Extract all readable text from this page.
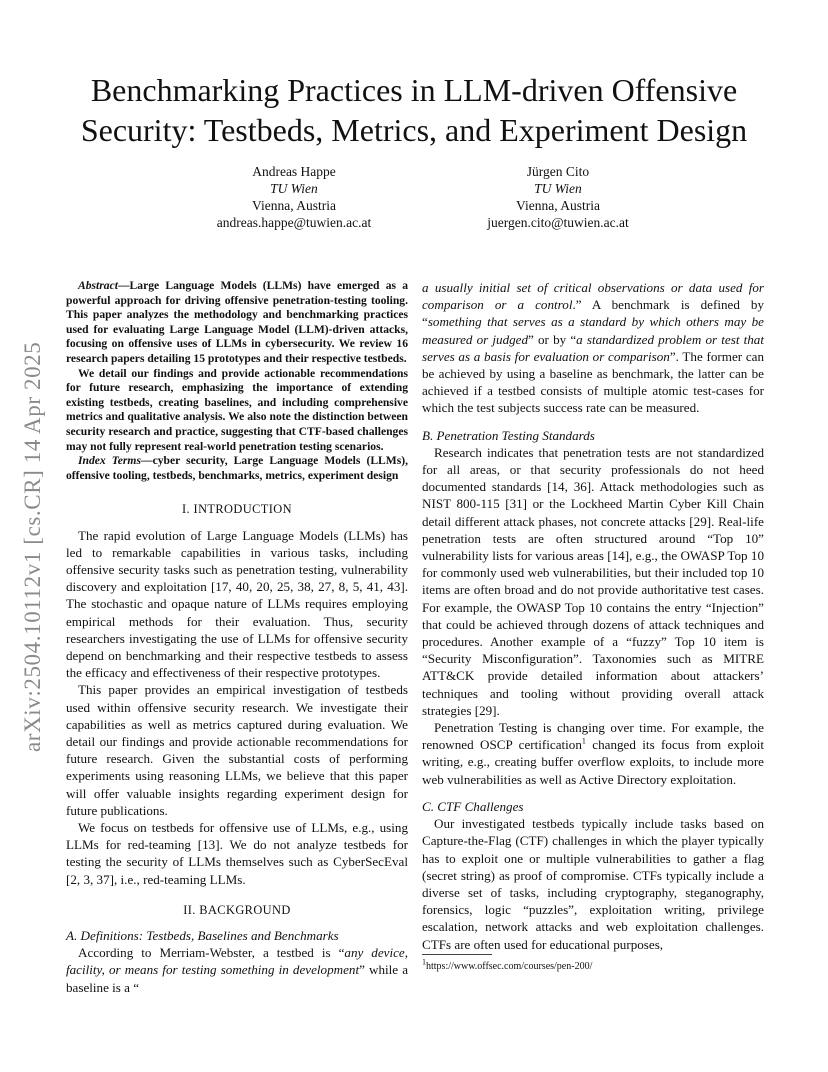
arXiv:2504.10112v1 [cs.CR] 14 Apr 2025
Benchmarking Practices in LLM-driven Offensive
Security: Testbeds, Metrics, and Experiment Design
Andreas Happe
TU Wien
Vienna, Austria
andreas.happe@tuwien.ac.at
Jürgen Cito
TU Wien
Vienna, Austria
juergen.cito@tuwien.ac.at

Abstract—Large Language Models (LLMs) have emerged as a powerful approach for driving offensive penetration-testing tooling. This paper analyzes the methodology and benchmarking practices used for evaluating Large Language Model (LLM)-driven attacks, focusing on offensive uses of LLMs in cybersecurity. We review 16 research papers detailing 15 prototypes and their respective testbeds.

We detail our findings and provide actionable recommendations for future research, emphasizing the importance of extending existing testbeds, creating baselines, and including comprehensive metrics and qualitative analysis. We also note the distinction between security research and practice, suggesting that CTF-based challenges may not fully represent real-world penetration testing scenarios.

Index Terms—cyber security, Large Language Models (LLMs), offensive tooling, testbeds, benchmarks, metrics, experiment design

I. INTRODUCTION

The rapid evolution of Large Language Models (LLMs) has led to remarkable capabilities in various tasks, including offensive security tasks such as penetration testing, vulnerability discovery and exploitation [17, 40, 20, 25, 38, 27, 8, 5, 41, 43]. The stochastic and opaque nature of LLMs requires employing empirical methods for their evaluation. Thus, security researchers investigating the use of LLMs for offensive security depend on benchmarking and their respective testbeds to assess the efficacy and effectiveness of their respective prototypes.

This paper provides an empirical investigation of testbeds used within offensive security research. We investigate their capabilities as well as metrics captured during evaluation. We detail our findings and provide actionable recommendations for future research. Given the substantial costs of performing experiments using reasoning LLMs, we believe that this paper will offer valuable insights regarding experiment design for future publications.

We focus on testbeds for offensive use of LLMs, e.g., using LLMs for red-teaming [13]. We do not analyze testbeds for testing the security of LLMs themselves such as CyberSecEval [2, 3, 37], i.e., red-teaming LLMs.

II. BACKGROUND

A. Definitions: Testbeds, Baselines and Benchmarks

According to Merriam-Webster, a testbed is “any device, facility, or means for testing something in development” while a baseline is a “

a usually initial set of critical observations or data used for comparison or a control.” A benchmark is defined by “something that serves as a standard by which others may be measured or judged” or by “a standardized problem or test that serves as a basis for evaluation or comparison”. The former can be achieved by using a baseline as benchmark, the latter can be achieved if a testbed consists of multiple atomic test-cases for which the test subjects success rate can be measured.

B. Penetration Testing Standards

Research indicates that penetration tests are not standardized for all areas, or that security professionals do not heed documented standards [14, 36]. Attack methodologies such as NIST 800-115 [31] or the Lockheed Martin Cyber Kill Chain detail different attack phases, not concrete attacks [29]. Real-life penetration tests are often structured around “Top 10” vulnerability lists for various areas [14], e.g., the OWASP Top 10 for commonly used web vulnerabilities, but their included top 10 items are often broad and do not provide authoritative test cases. For example, the OWASP Top 10 contains the entry “Injection” that could be achieved through dozens of attack techniques and procedures. Another example of a “fuzzy” Top 10 item is “Security Misconfiguration”. Taxonomies such as MITRE ATT&CK provide detailed information about attackers’ techniques and tooling without providing overall attack strategies [29].

Penetration Testing is changing over time. For example, the renowned OSCP certification$^1$ changed its focus from exploit writing, e.g., creating buffer overflow exploits, to include more web vulnerabilities as well as Active Directory exploitation.

C. CTF Challenges

Our investigated testbeds typically include tasks based on Capture-the-Flag (CTF) challenges in which the player typically has to exploit one or multiple vulnerabilities to gather a flag (secret string) as proof of compromise. CTFs typically include a diverse set of tasks, including cryptography, steganography, forensics, logic “puzzles”, exploitation writing, privilege escalation, network attacks and web exploitation challenges. CTFs are often used for educational purposes,

$^1$https://www.offsec.com/courses/pen-200/
